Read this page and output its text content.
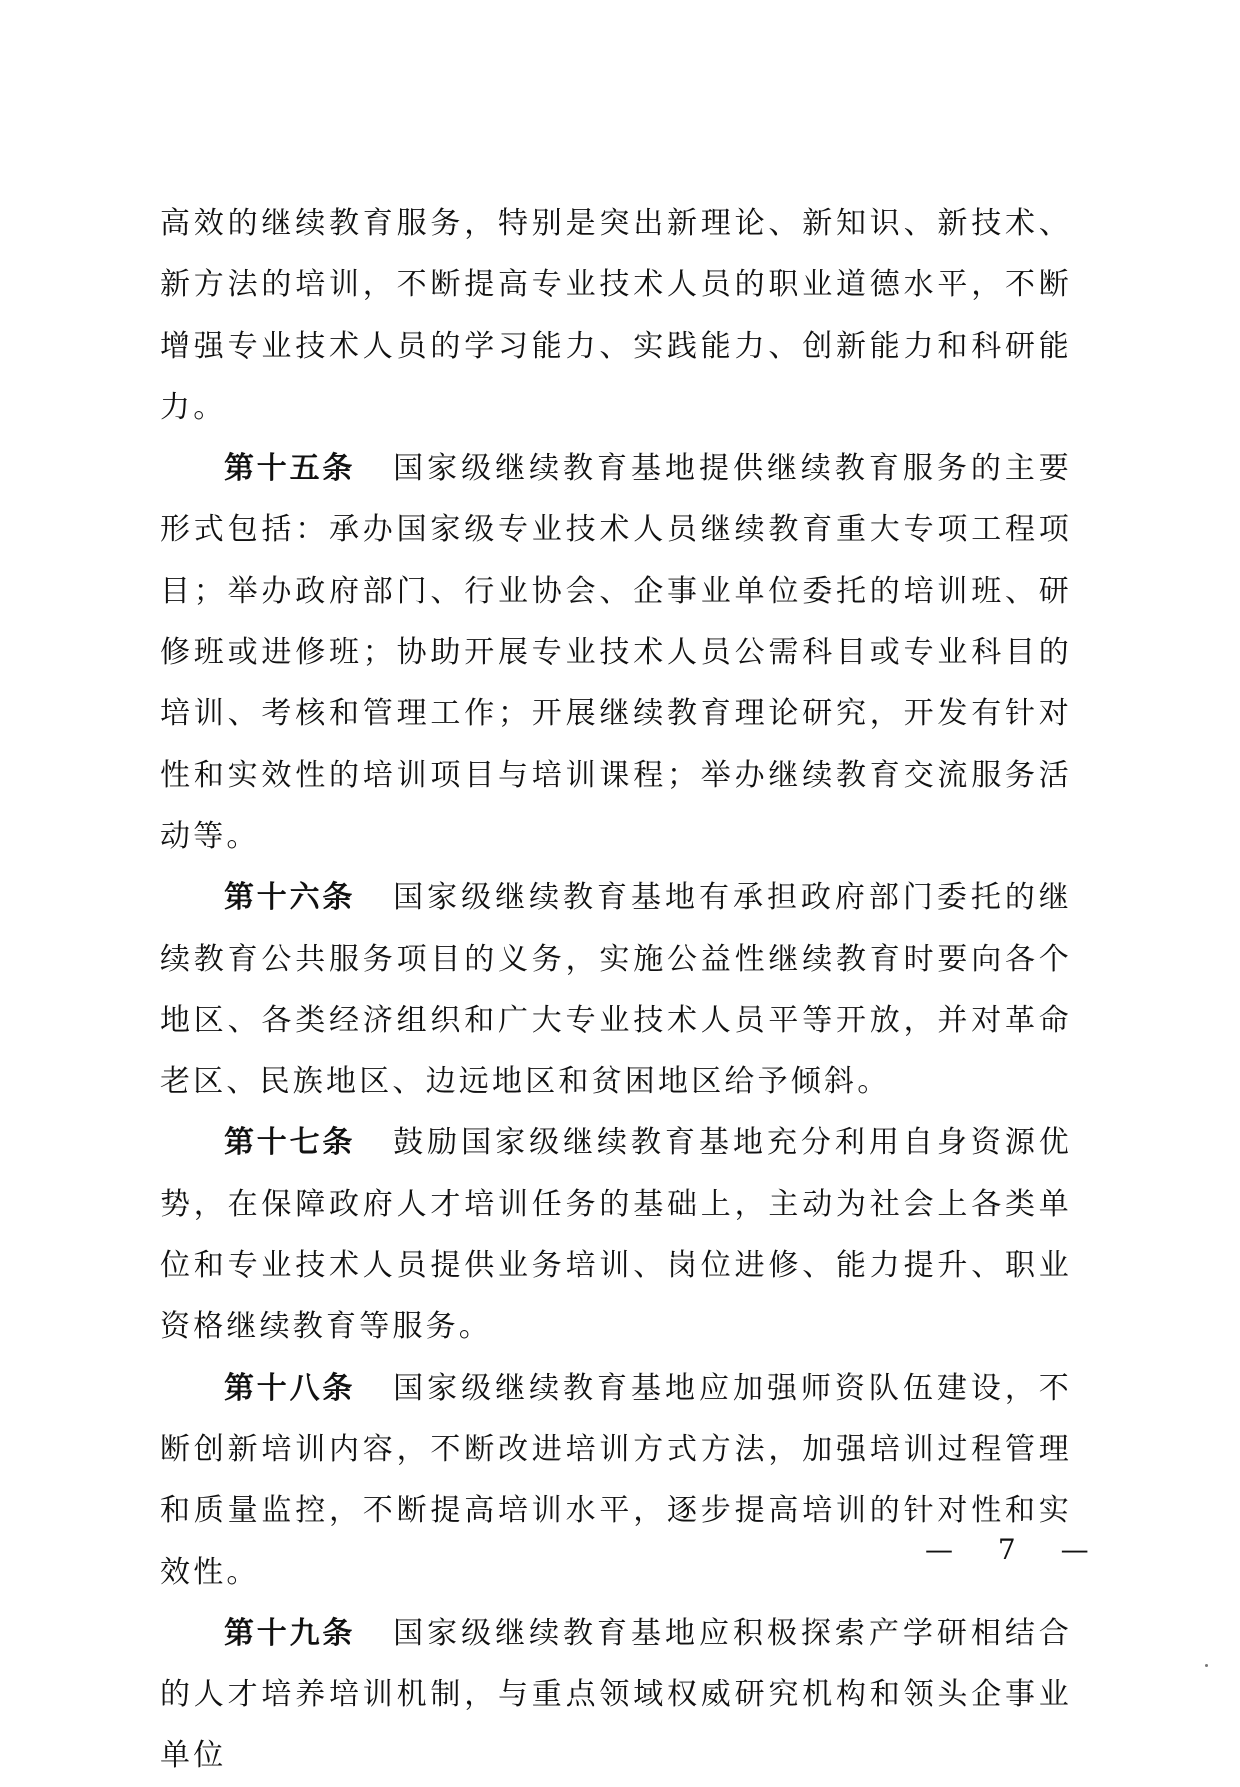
高效的继续教育服务，特别是突出新理论、新知识、新技术、新方法的培训，不断提高专业技术人员的职业道德水平，不断增强专业技术人员的学习能力、实践能力、创新能力和科研能力。

第十五条 国家级继续教育基地提供继续教育服务的主要形式包括：承办国家级专业技术人员继续教育重大专项工程项目；举办政府部门、行业协会、企事业单位委托的培训班、研修班或进修班；协助开展专业技术人员公需科目或专业科目的培训、考核和管理工作；开展继续教育理论研究，开发有针对性和实效性的培训项目与培训课程；举办继续教育交流服务活动等。

第十六条 国家级继续教育基地有承担政府部门委托的继续教育公共服务项目的义务，实施公益性继续教育时要向各个地区、各类经济组织和广大专业技术人员平等开放，并对革命老区、民族地区、边远地区和贫困地区给予倾斜。

第十七条 鼓励国家级继续教育基地充分利用自身资源优势，在保障政府人才培训任务的基础上，主动为社会上各类单位和专业技术人员提供业务培训、岗位进修、能力提升、职业资格继续教育等服务。

第十八条 国家级继续教育基地应加强师资队伍建设，不断创新培训内容，不断改进培训方式方法，加强培训过程管理和质量监控，不断提高培训水平，逐步提高培训的针对性和实效性。

第十九条 国家级继续教育基地应积极探索产学研相结合的人才培养培训机制，与重点领域权威研究机构和领头企事业单位

— 7 —
